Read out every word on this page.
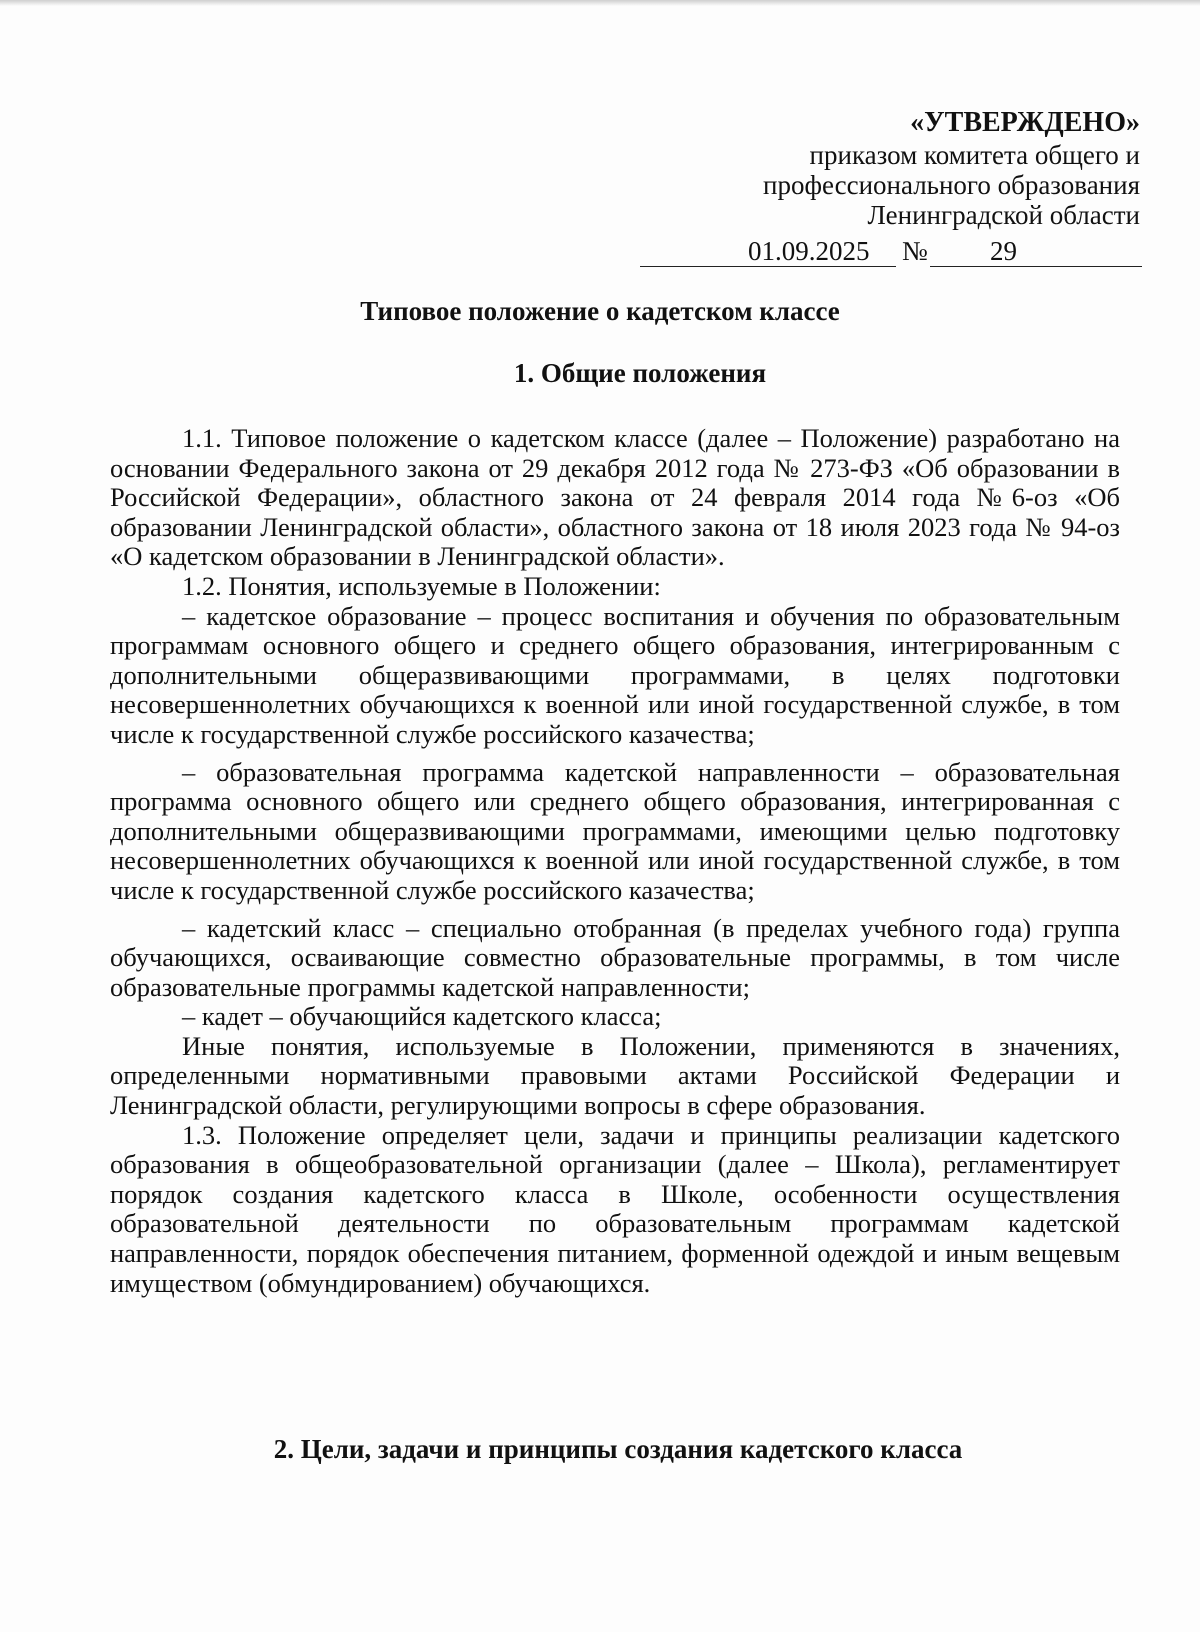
«УТВЕРЖДЕНО»
приказом комитета общего и
профессионального образования
Ленинградской области
01.09.2025 № 29
Типовое положение о кадетском классе
1. Общие положения

1.1. Типовое положение о кадетском классе (далее – Положение) разработано на основании Федерального закона от 29 декабря 2012 года № 273-ФЗ «Об образовании в Российской Федерации», областного закона от 24 февраля 2014 года №6-оз «Об образовании Ленинградской области», областного закона от 18 июля 2023 года № 94-оз «О кадетском образовании в Ленинградской области».

1.2. Понятия, используемые в Положении:

– кадетское образование – процесс воспитания и обучения по образовательным программам основного общего и среднего общего образования, интегрированным с дополнительными общеразвивающими программами, в целях подготовки несовершеннолетних обучающихся к военной или иной государственной службе, в том числе к государственной службе российского казачества;

– образовательная программа кадетской направленности – образовательная программа основного общего или среднего общего образования, интегрированная с дополнительными общеразвивающими программами, имеющими целью подготовку несовершеннолетних обучающихся к военной или иной государственной службе, в том числе к государственной службе российского казачества;

– кадетский класс – специально отобранная (в пределах учебного года) группа обучающихся, осваивающие совместно образовательные программы, в том числе образовательные программы кадетской направленности;

– кадет – обучающийся кадетского класса;

Иные понятия, используемые в Положении, применяются в значениях, определенными нормативными правовыми актами Российской Федерации и Ленинградской области, регулирующими вопросы в сфере образования.

1.3. Положение определяет цели, задачи и принципы реализации кадетского образования в общеобразовательной организации (далее – Школа), регламентирует порядок создания кадетского класса в Школе, особенности осуществления образовательной деятельности по образовательным программам кадетской направленности, порядок обеспечения питанием, форменной одеждой и иным вещевым имуществом (обмундированием) обучающихся.

2. Цели, задачи и принципы создания кадетского класса
